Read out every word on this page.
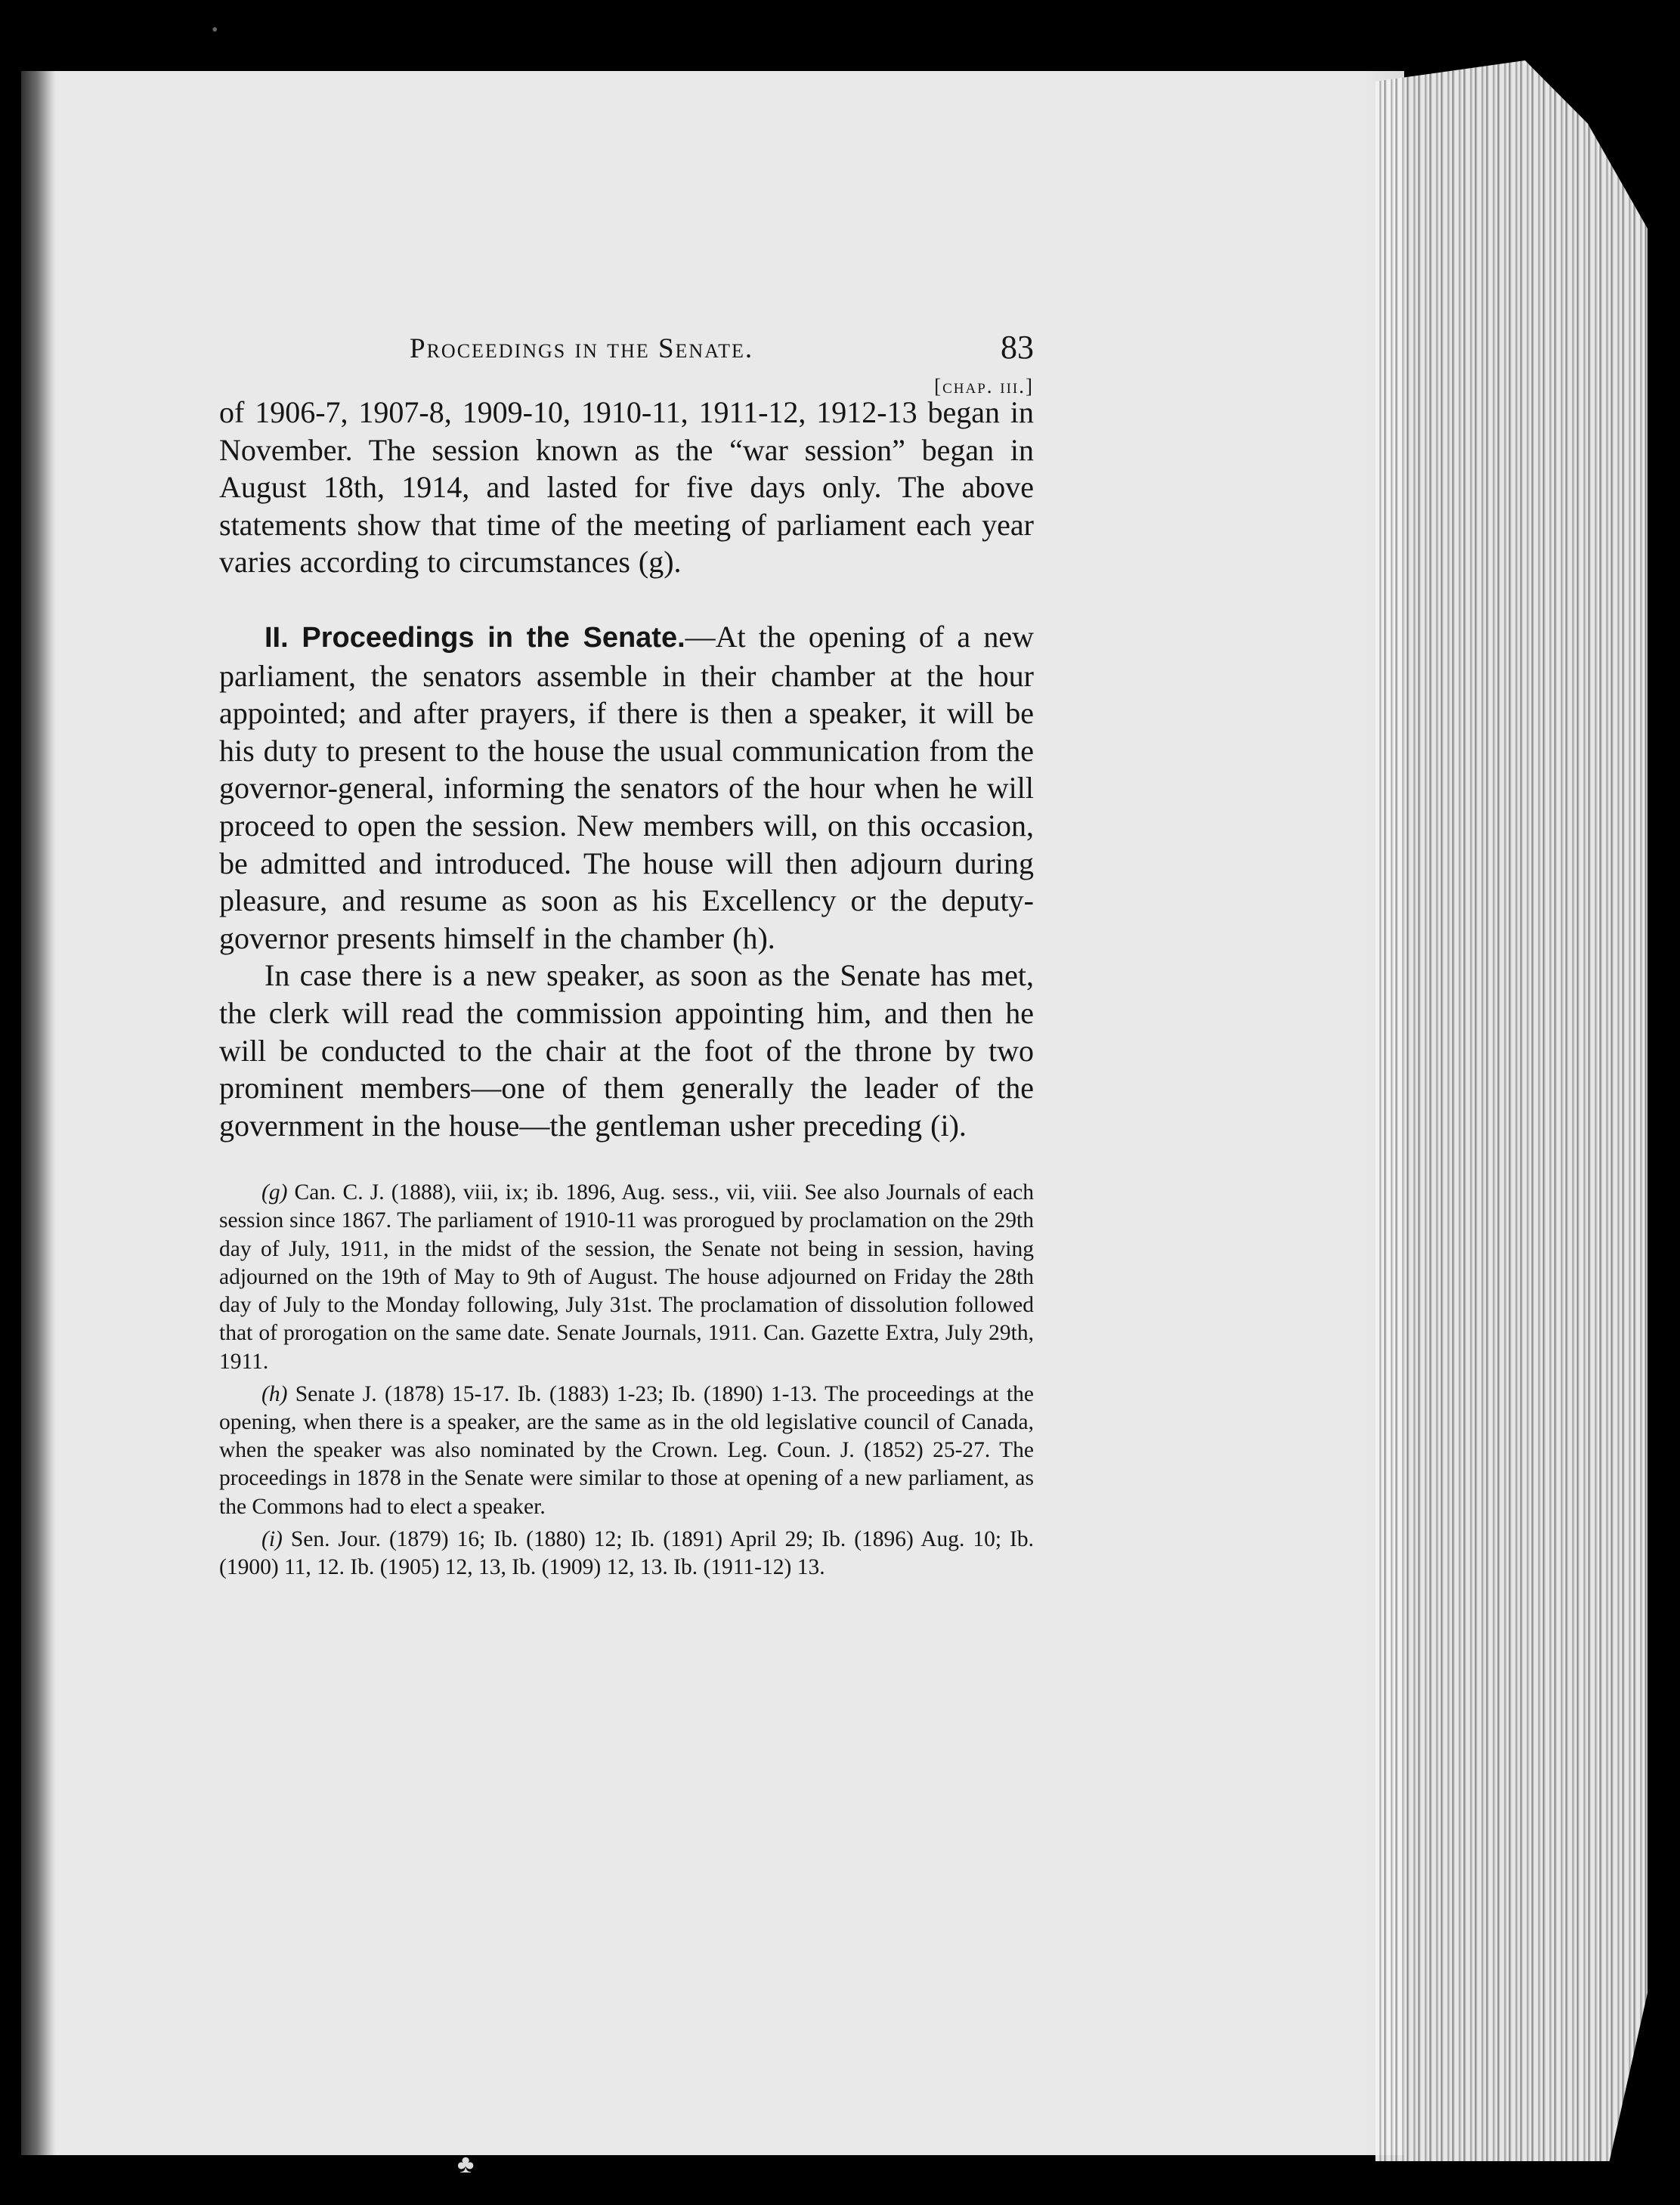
•
♣
Proceedings in the Senate.	83
[chap. iii.]

of 1906-7, 1907-8, 1909-10, 1910-11, 1911-12, 1912-13 began in November. The session known as the “war session” began in August 18th, 1914, and lasted for five days only. The above statements show that time of the meeting of parliament each year varies according to circumstances (g).

II. Proceedings in the Senate.—At the opening of a new parliament, the senators assemble in their chamber at the hour appointed; and after prayers, if there is then a speaker, it will be his duty to present to the house the usual communication from the governor-general, informing the senators of the hour when he will proceed to open the session. New members will, on this occasion, be admitted and introduced. The house will then adjourn during pleasure, and resume as soon as his Excellency or the deputy-governor presents himself in the chamber (h).

In case there is a new speaker, as soon as the Senate has met, the clerk will read the commission appointing him, and then he will be conducted to the chair at the foot of the throne by two prominent members—one of them generally the leader of the government in the house—the gentleman usher preceding (i).

(g) Can. C. J. (1888), viii, ix; ib. 1896, Aug. sess., vii, viii. See also Journals of each session since 1867. The parliament of 1910-11 was prorogued by proclamation on the 29th day of July, 1911, in the midst of the session, the Senate not being in session, having adjourned on the 19th of May to 9th of August. The house adjourned on Friday the 28th day of July to the Monday following, July 31st. The proclamation of dissolution followed that of prorogation on the same date. Senate Journals, 1911. Can. Gazette Extra, July 29th, 1911.

(h) Senate J. (1878) 15-17. Ib. (1883) 1-23; Ib. (1890) 1-13. The proceedings at the opening, when there is a speaker, are the same as in the old legislative council of Canada, when the speaker was also nominated by the Crown. Leg. Coun. J. (1852) 25-27. The proceedings in 1878 in the Senate were similar to those at opening of a new parliament, as the Commons had to elect a speaker.

(i) Sen. Jour. (1879) 16; Ib. (1880) 12; Ib. (1891) April 29; Ib. (1896) Aug. 10; Ib. (1900) 11, 12. Ib. (1905) 12, 13, Ib. (1909) 12, 13. Ib. (1911-12) 13.
